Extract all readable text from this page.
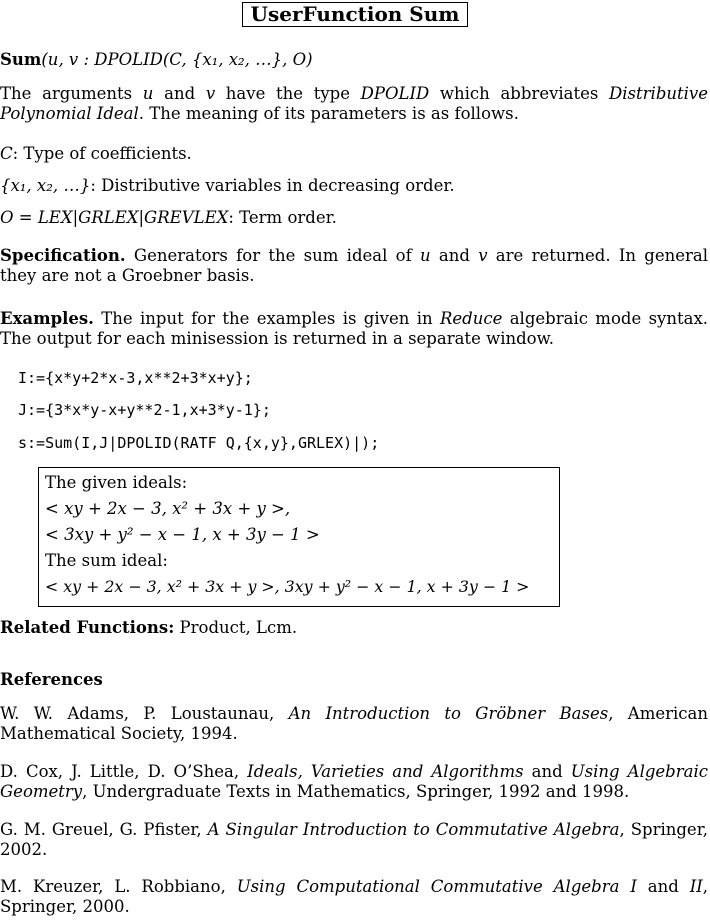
UserFunction Sum

Sum(u, v : DPOLID(C, {x₁, x₂, …}, O)

The arguments u and v have the type DPOLID which abbreviates Distributive Polynomial Ideal. The meaning of its parameters is as follows.

C: Type of coefficients.

{x₁, x₂, …}: Distributive variables in decreasing order.

O = LEX|GRLEX|GREVLEX: Term order.

Specification. Generators for the sum ideal of u and v are returned. In general they are not a Groebner basis.

Examples. The input for the examples is given in Reduce algebraic mode syntax. The output for each minisession is returned in a separate window.

I:={x*y+2*x-3,x**2+3*x+y};

J:={3*x*y-x+y**2-1,x+3*y-1};

s:=Sum(I,J|DPOLID(RATF Q,{x,y},GRLEX)|);

The given ideals:
< xy + 2x − 3, x² + 3x + y >,
< 3xy + y² − x − 1, x + 3y − 1 >
The sum ideal:
< xy + 2x − 3, x² + 3x + y >, 3xy + y² − x − 1, x + 3y − 1 >

Related Functions: Product, Lcm.

References

W. W. Adams, P. Loustaunau, An Introduction to Gröbner Bases, American Mathematical Society, 1994.

D. Cox, J. Little, D. O’Shea, Ideals, Varieties and Algorithms and Using Algebraic Geometry, Undergraduate Texts in Mathematics, Springer, 1992 and 1998.

G. M. Greuel, G. Pfister, A Singular Introduction to Commutative Algebra, Springer, 2002.

M. Kreuzer, L. Robbiano, Using Computational Commutative Algebra I and II, Springer, 2000.
